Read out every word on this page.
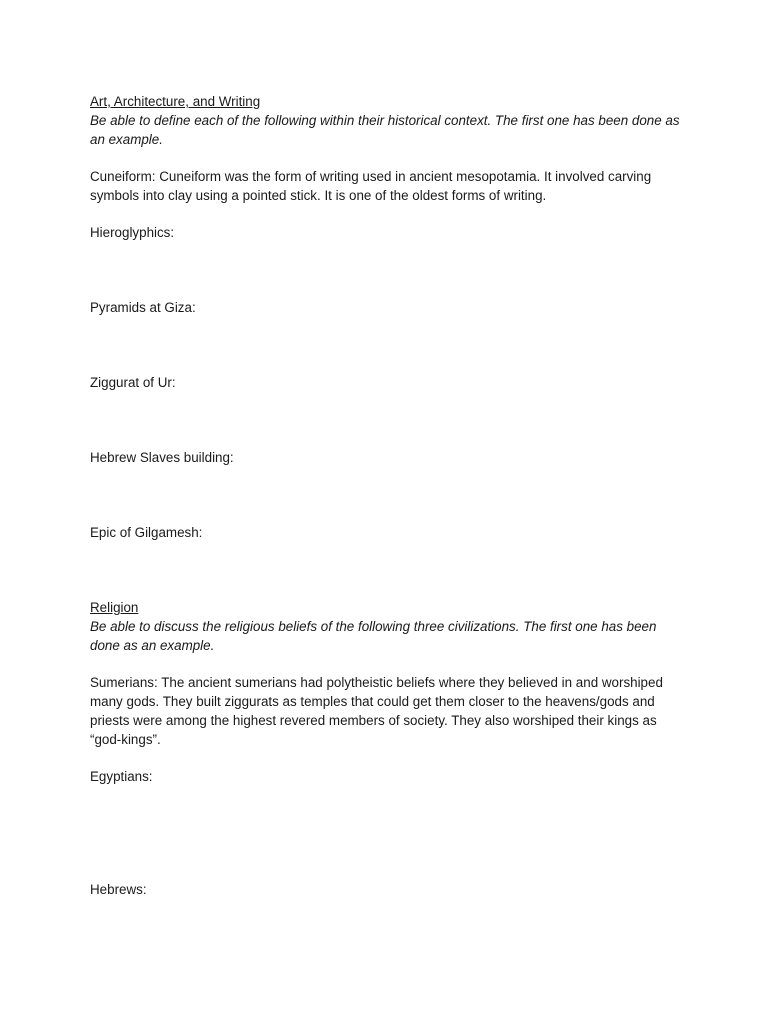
Art, Architecture, and Writing

Be able to define each of the following within their historical context. The first one has been done as an example.

Cuneiform: Cuneiform was the form of writing used in ancient mesopotamia. It involved carving symbols into clay using a pointed stick. It is one of the oldest forms of writing.

Hieroglyphics:

Pyramids at Giza:

Ziggurat of Ur:

Hebrew Slaves building:

Epic of Gilgamesh:

Religion

Be able to discuss the religious beliefs of the following three civilizations. The first one has been done as an example.

Sumerians: The ancient sumerians had polytheistic beliefs where they believed in and worshiped many gods. They built ziggurats as temples that could get them closer to the heavens/gods and priests were among the highest revered members of society. They also worshiped their kings as “god-kings”.

Egyptians:

Hebrews:
